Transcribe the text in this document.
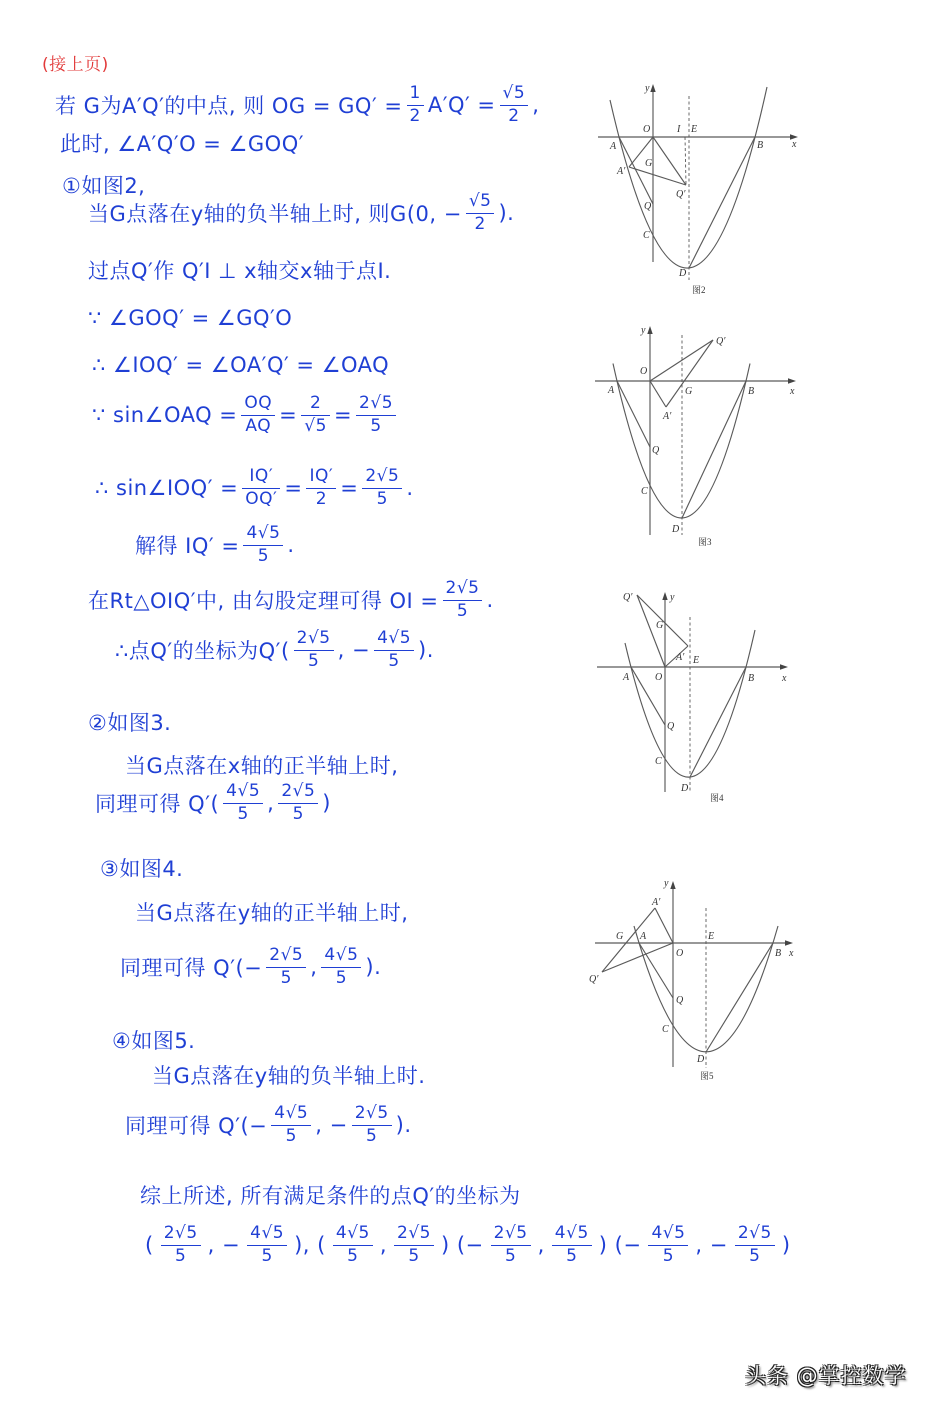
(接上页)
若 G为A′Q′的中点, 则 OG = $GQ' = \frac{1}{2} A'Q' = \frac{√5}{2}$ ,
此时, ∠A′Q′O = ∠GOQ′
①如图2,
当G点落在y轴的负半轴上时, 则G(0, − $\frac{√5}{2}$ ).
过点Q′作 Q′I ⊥ x轴交x轴于点I.
∵ ∠GOQ′ = ∠GQ′O
∴ ∠IOQ′ = ∠OA′Q′ = ∠OAQ
∵ sin∠OAQ = $\frac{OQ}{AQ} = \frac{2}{√5} = \frac{2√5}{5}$
∴ sin∠IOQ′ = $\frac{IQ'}{OQ'} = \frac{IQ'}{2} = \frac{2√5}{5}$ .
解得 $IQ' = \frac{4√5}{5}$ .
在Rt△OIQ′中, 由勾股定理可得 OI = $\frac{2√5}{5}$ .
∴点Q′的坐标为$Q'( \frac{2√5}{5}$ , − $\frac{4√5}{5}$ ).
②如图3.
当G点落在x轴的正半轴上时,
同理可得 $Q'( \frac{4√5}{5}$ , $\frac{2√5}{5}$ )
③如图4.
当G点落在y轴的正半轴上时,
同理可得 $Q'(- \frac{2√5}{5}$ , $\frac{4√5}{5}$ ).
④如图5.
当G点落在y轴的负半轴上时.
同理可得 $Q'(- \frac{4√5}{5}$ , − $\frac{2√5}{5}$ ).
综上所述, 所有满足条件的点Q′的坐标为
( $\frac{2√5}{5}$ , − $\frac{4√5}{5}$ ), ( $\frac{4√5}{5}$ , $\frac{2√5}{5}$ ) (− $\frac{2√5}{5}$ , $\frac{4√5}{5}$ ) (− $\frac{4√5}{5}$ , − $\frac{2√5}{5}$ )
y
O	I E
A	B	x
G
A′
Q′
Q
C
D
图2
y
O
Q′
A	G	B	x
A′
Q
C
D
图3
Q′	y
G
A′ E
A	O	B	x
Q
C
D
图4
y
A′
G A	E
O	B x
Q′
Q
C
D
图5
头条 @掌控数学
